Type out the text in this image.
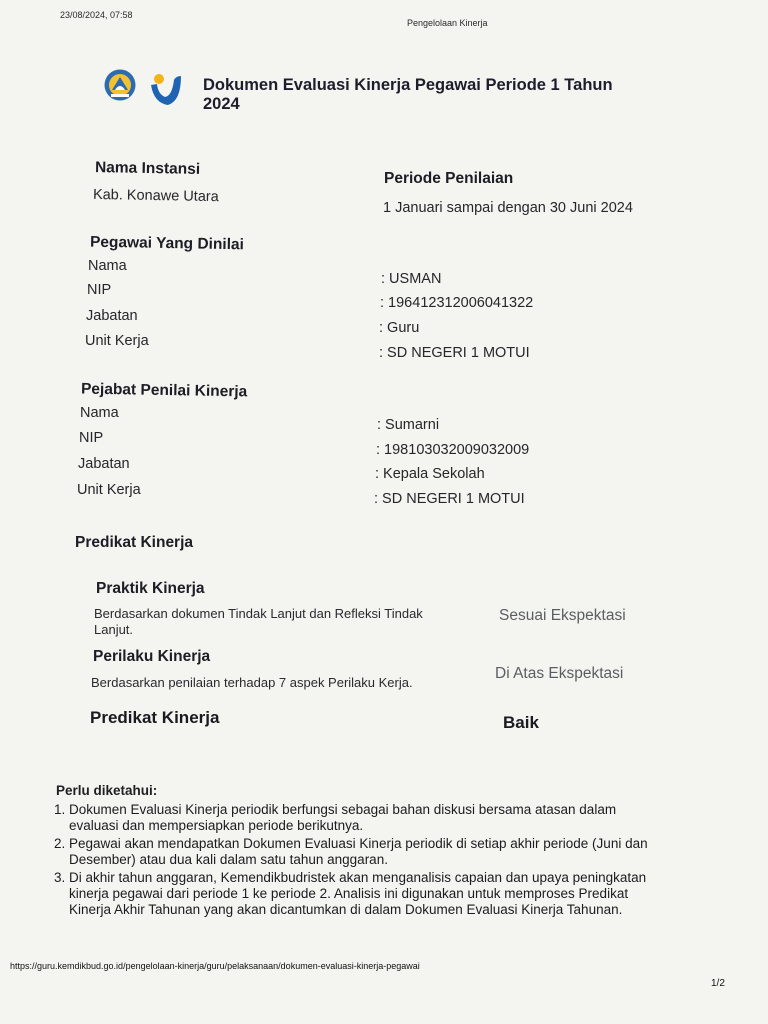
23/08/2024, 07:58
Pengelolaan Kinerja
Dokumen Evaluasi Kinerja Pegawai Periode 1 Tahun 2024
Nama Instansi
Kab. Konawe Utara
Periode Penilaian
1 Januari sampai dengan 30 Juni 2024
Pegawai Yang Dinilai
Nama
NIP
Jabatan
Unit Kerja
: USMAN
: 196412312006041322
: Guru
: SD NEGERI 1 MOTUI
Pejabat Penilai Kinerja
Nama
NIP
Jabatan
Unit Kerja
: Sumarni
: 198103032009032009
: Kepala Sekolah
: SD NEGERI 1 MOTUI
Predikat Kinerja
Praktik Kinerja
Berdasarkan dokumen Tindak Lanjut dan Refleksi Tindak
Lanjut.
Sesuai Ekspektasi
Perilaku Kinerja
Berdasarkan penilaian terhadap 7 aspek Perilaku Kerja.
Di Atas Ekspektasi
Predikat Kinerja	Baik
Perlu diketahui:
1. Dokumen Evaluasi Kinerja periodik berfungsi sebagai bahan diskusi bersama atasan dalam evaluasi dan mempersiapkan periode berikutnya.
2. Pegawai akan mendapatkan Dokumen Evaluasi Kinerja periodik di setiap akhir periode (Juni dan Desember) atau dua kali dalam satu tahun anggaran.
3. Di akhir tahun anggaran, Kemendikbudristek akan menganalisis capaian dan upaya peningkatan kinerja pegawai dari periode 1 ke periode 2. Analisis ini digunakan untuk memproses Predikat Kinerja Akhir Tahunan yang akan dicantumkan di dalam Dokumen Evaluasi Kinerja Tahunan.
https://guru.kemdikbud.go.id/pengelolaan-kinerja/guru/pelaksanaan/dokumen-evaluasi-kinerja-pegawai
1/2
